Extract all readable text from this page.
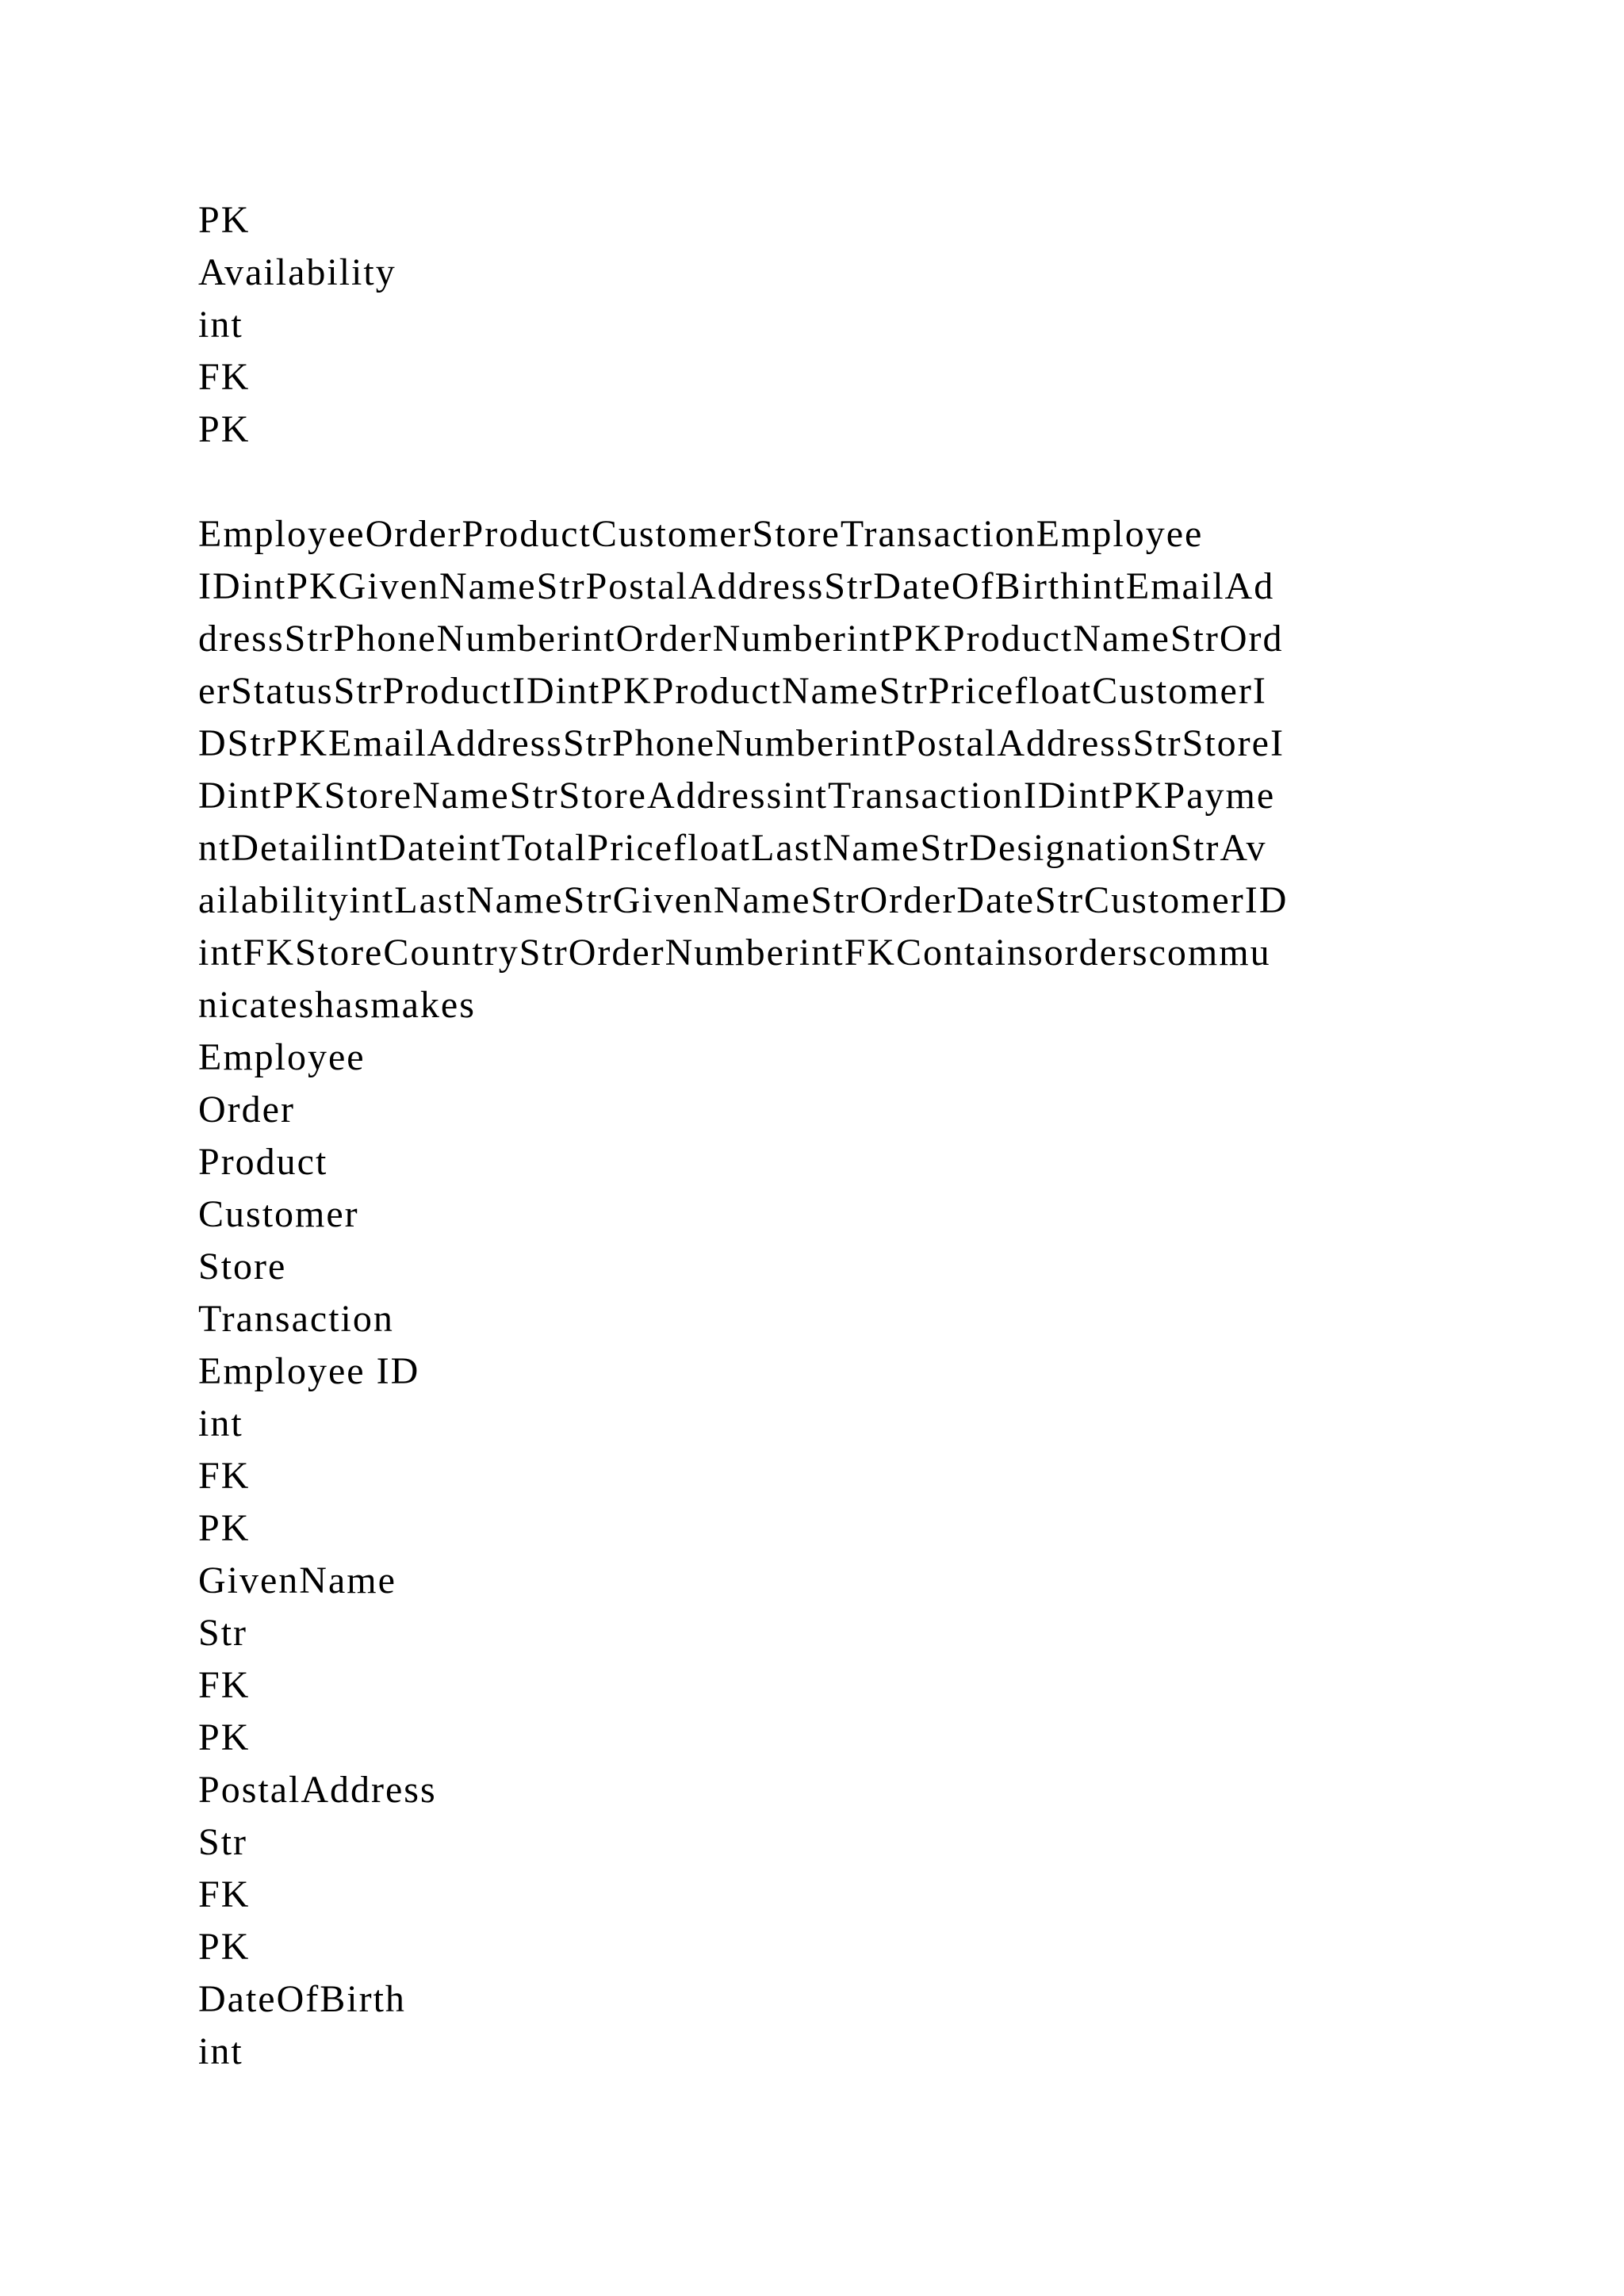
PK
Availability
int
FK
PK
EmployeeOrderProductCustomerStoreTransactionEmployee
IDintPKGivenNameStrPostalAddressStrDateOfBirthintEmailAd
dressStrPhoneNumberintOrderNumberintPKProductNameStrOrd
erStatusStrProductIDintPKProductNameStrPricefloatCustomerI
DStrPKEmailAddressStrPhoneNumberintPostalAddressStrStoreI
DintPKStoreNameStrStoreAddressintTransactionIDintPKPayme
ntDetailintDateintTotalPricefloatLastNameStrDesignationStrAv
ailabilityintLastNameStrGivenNameStrOrderDateStrCustomerID
intFKStoreCountryStrOrderNumberintFKContainsorderscommu
nicateshasmakes
Employee
Order
Product
Customer
Store
Transaction
Employee ID
int
FK
PK
GivenName
Str
FK
PK
PostalAddress
Str
FK
PK
DateOfBirth
int
